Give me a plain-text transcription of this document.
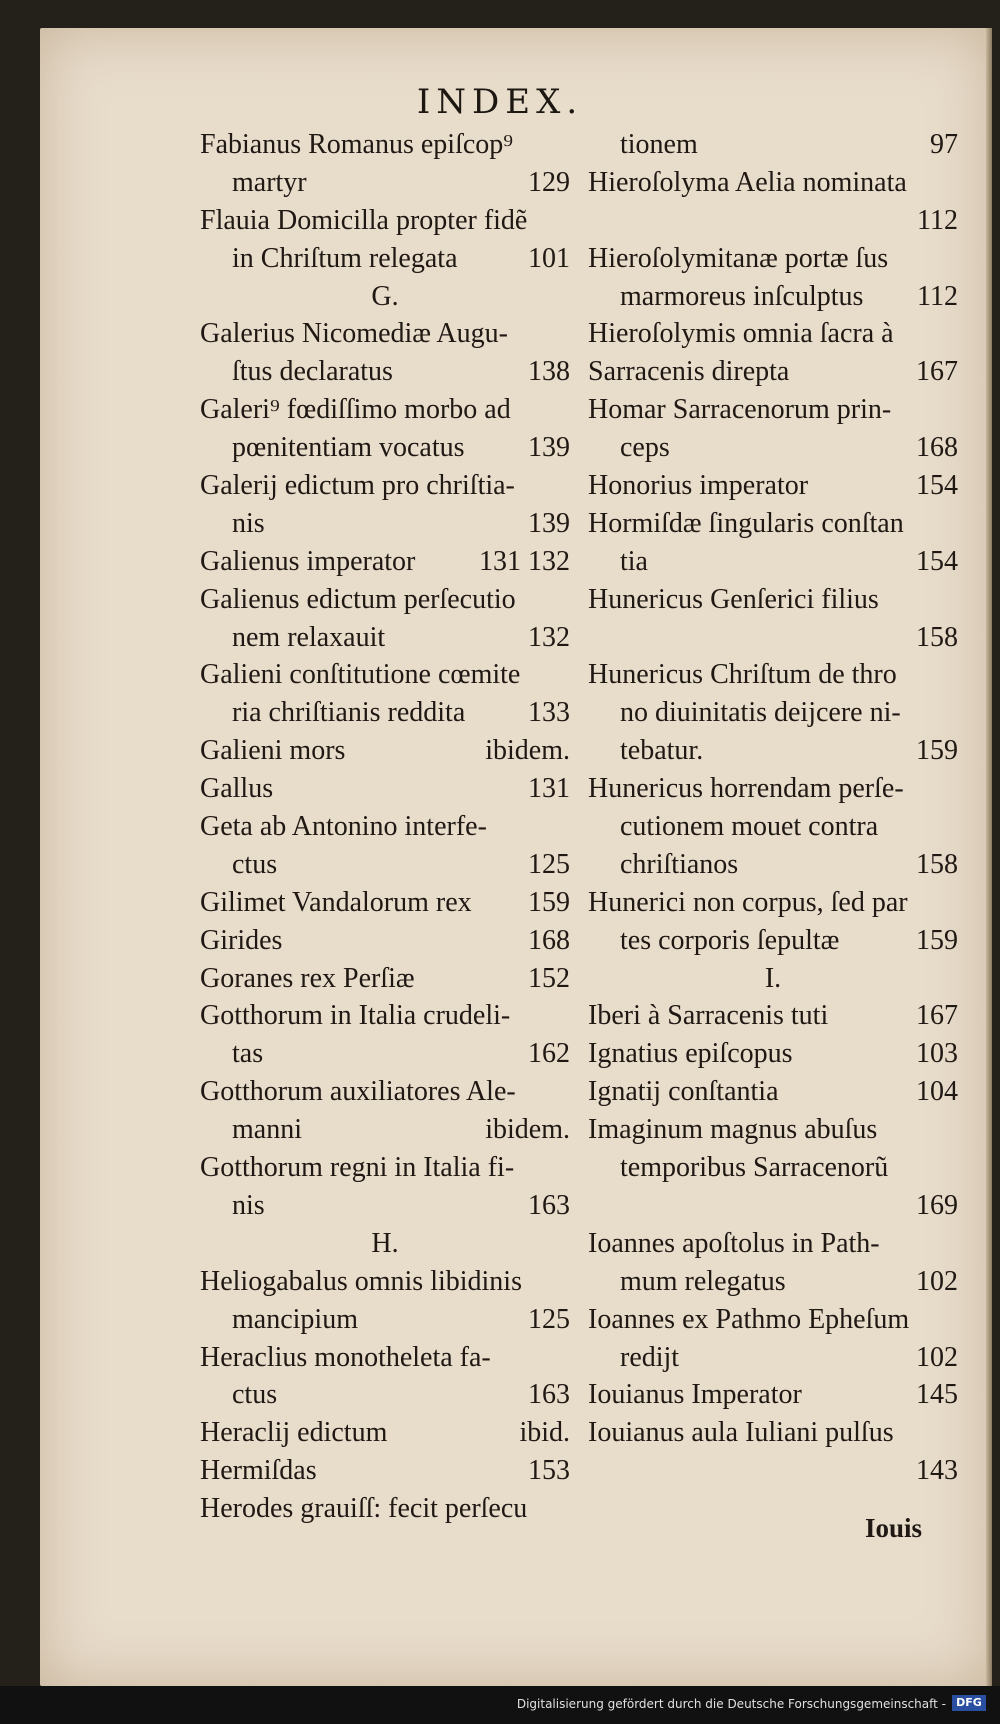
INDEX.
Fabianus Romanus epiſcop⁹
martyr	129
Flauia Domicilla propter fidẽ
in Chriſtum relegata	101
G.
Galerius Nicomediæ Augu-
ſtus declaratus	138
Galeri⁹ fœdiſſimo morbo ad
pœnitentiam vocatus 139
Galerij edictum pro chriſtia-
nis	139
Galienus imperator 131 132
Galienus edictum perſecutio
nem relaxauit	132
Galieni conſtitutione cœmite
ria chriſtianis reddita 133
Galieni mors	ibidem.
Gallus	131
Geta ab Antonino interfe-
ctus	125
Gilimet Vandalorum rex 159
Girides	168
Goranes rex Perſiæ	152
Gotthorum in Italia crudeli-
tas	162
Gotthorum auxiliatores Ale-
manni	ibidem.
Gotthorum regni in Italia fi-
nis	163
H.
Heliogabalus omnis libidinis
mancipium	125
Heraclius monotheleta fa-
ctus	163
Heraclij edictum	ibid.
Hermiſdas	153
Herodes grauiſſ: fecit perſecu
tionem	97
Hieroſolyma Aelia nominata
112
Hieroſolymitanæ portæ ſus
marmoreus inſculptus 112
Hieroſolymis omnia ſacra à
Sarracenis direpta	167
Homar Sarracenorum prin-
ceps	168
Honorius imperator	154
Hormiſdæ ſingularis conſtan
tia	154
Hunericus Genſerici filius
158
Hunericus Chriſtum de thro
no diuinitatis deijcere ni-
tebatur.	159
Hunericus horrendam perſe-
cutionem mouet contra
chriſtianos	158
Hunerici non corpus, ſed par
tes corporis ſepultæ	159
I.
Iberi à Sarracenis tuti	167
Ignatius epiſcopus	103
Ignatij conſtantia	104
Imaginum magnus abuſus
temporibus Sarracenorũ
169
Ioannes apoſtolus in Path-
mum relegatus	102
Ioannes ex Pathmo Epheſum
redijt	102
Iouianus Imperator	145
Iouianus aula Iuliani pulſus
143
Iouis
Digitalisierung gefördert durch die Deutsche Forschungsgemeinschaft - DFG
